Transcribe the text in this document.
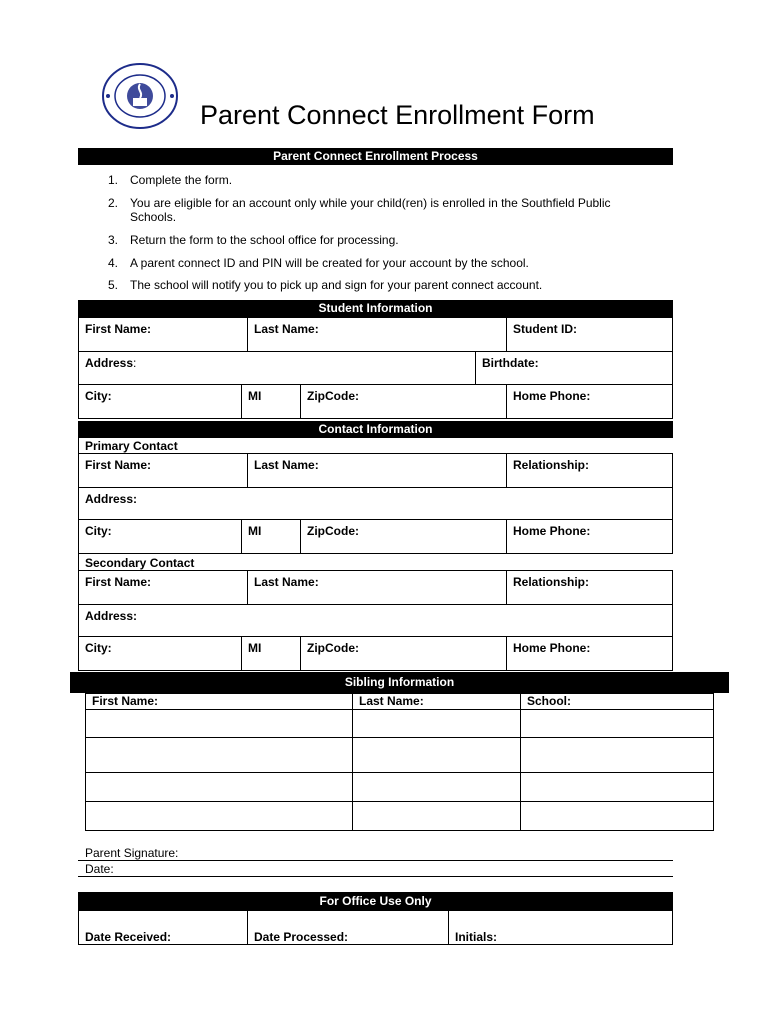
Parent Connect Enrollment Form
Parent Connect Enrollment Process
1. Complete the form.
2. You are eligible for an account only while your child(ren) is enrolled in the Southfield Public Schools.
3. Return the form to the school office for processing.
4. A parent connect ID and PIN will be created for your account by the school.
5. The school will notify you to pick up and sign for your parent connect account.
Student Information
First Name:	Last Name:	Student ID:
Address:	Birthdate:
City:	MI	ZipCode:	Home Phone:
Contact Information
Primary Contact
First Name:	Last Name:	Relationship:
Address:
City:	MI	ZipCode:	Home Phone:
Secondary Contact
First Name:	Last Name:	Relationship:
Address:
City:	MI	ZipCode:	Home Phone:
Sibling Information
First Name:	Last Name:	School:
Parent Signature:
Date:
For Office Use Only
Date Received:	Date Processed:	Initials:
